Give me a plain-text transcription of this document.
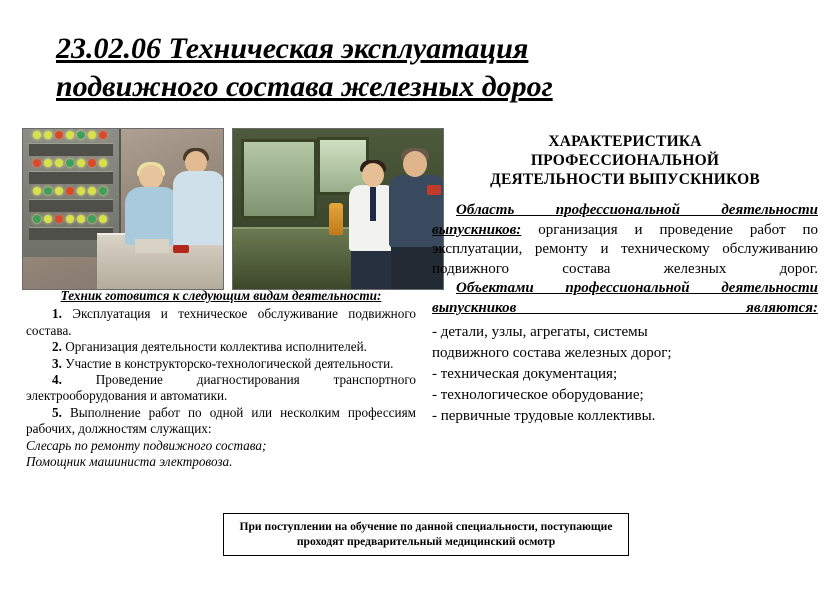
23.02.06 Техническая эксплуатация
подвижного состава железных дорог
Техник готовится к следующим видам деятельности:

1. Эксплуатация и техническое обслуживание подвижного состава.

2. Организация деятельности коллектива исполнителей.

3. Участие в конструкторско-технологической деятельности.

4.	Проведение диагностирования транспортного электрооборудования и автоматики.

5. Выполнение работ по одной или несколким профессиям рабочих, должностям служащих:

Слесарь по ремонту подвижного состава;

Помощник машиниста электровоза.

ХАРАКТЕРИСТИКА
ПРОФЕССИОНАЛЬНОЙ
ДЕЯТЕЛЬНОСТИ ВЫПУСКНИКОВ

Область профессиональной деятельности выпускников: организация и проведение работ по эксплуатации, ремонту и техническому обслуживанию подвижного состава железных дорог.

Объектами профессиональной деятельности выпускников являются:

- детали, узлы, агрегаты, системы
подвижного состава железных дорог;
- техническая документация;
- технологическое оборудование;
- первичные трудовые коллективы.
При поступлении на обучение по данной специальности, поступающие
проходят предварительный медицинский осмотр
